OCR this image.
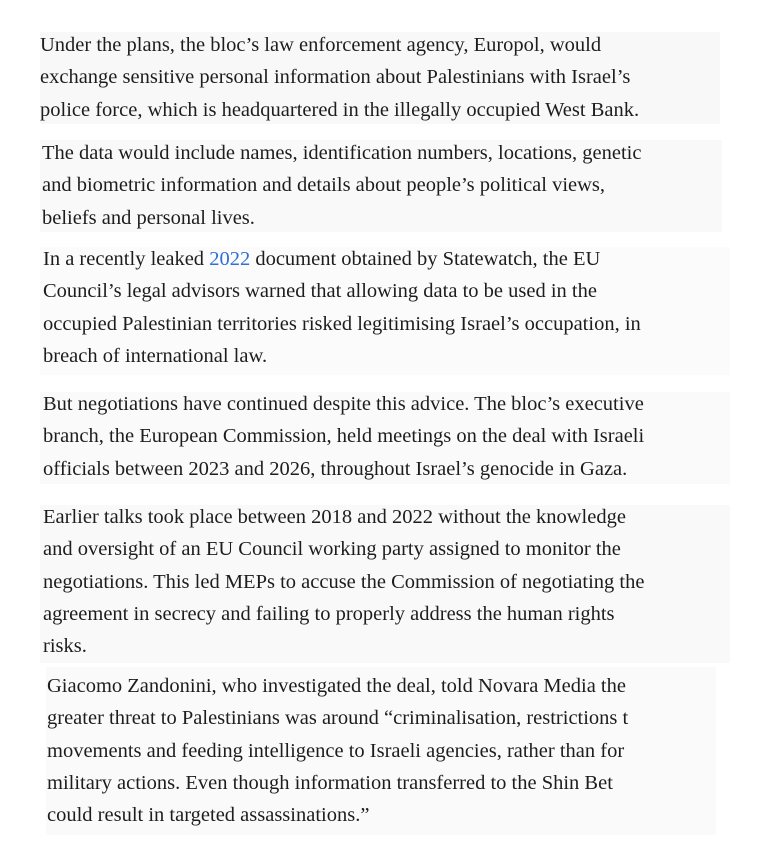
Under the plans, the bloc’s law enforcement agency, Europol, would
exchange sensitive personal information about Palestinians with Israel’s
police force, which is headquartered in the illegally occupied West Bank.

The data would include names, identification numbers, locations, genetic
and biometric information and details about people’s political views,
beliefs and personal lives.

In a recently leaked 2022 document obtained by Statewatch, the EU
Council’s legal advisors warned that allowing data to be used in the
occupied Palestinian territories risked legitimising Israel’s occupation, in
breach of international law.

But negotiations have continued despite this advice. The bloc’s executive
branch, the European Commission, held meetings on the deal with Israeli
officials between 2023 and 2026, throughout Israel’s genocide in Gaza.

Earlier talks took place between 2018 and 2022 without the knowledge
and oversight of an EU Council working party assigned to monitor the
negotiations. This led MEPs to accuse the Commission of negotiating the
agreement in secrecy and failing to properly address the human rights
risks.

Giacomo Zandonini, who investigated the deal, told Novara Media the
greater threat to Palestinians was around “criminalisation, restrictions t
movements and feeding intelligence to Israeli agencies, rather than for
military actions. Even though information transferred to the Shin Bet
could result in targeted assassinations.”
